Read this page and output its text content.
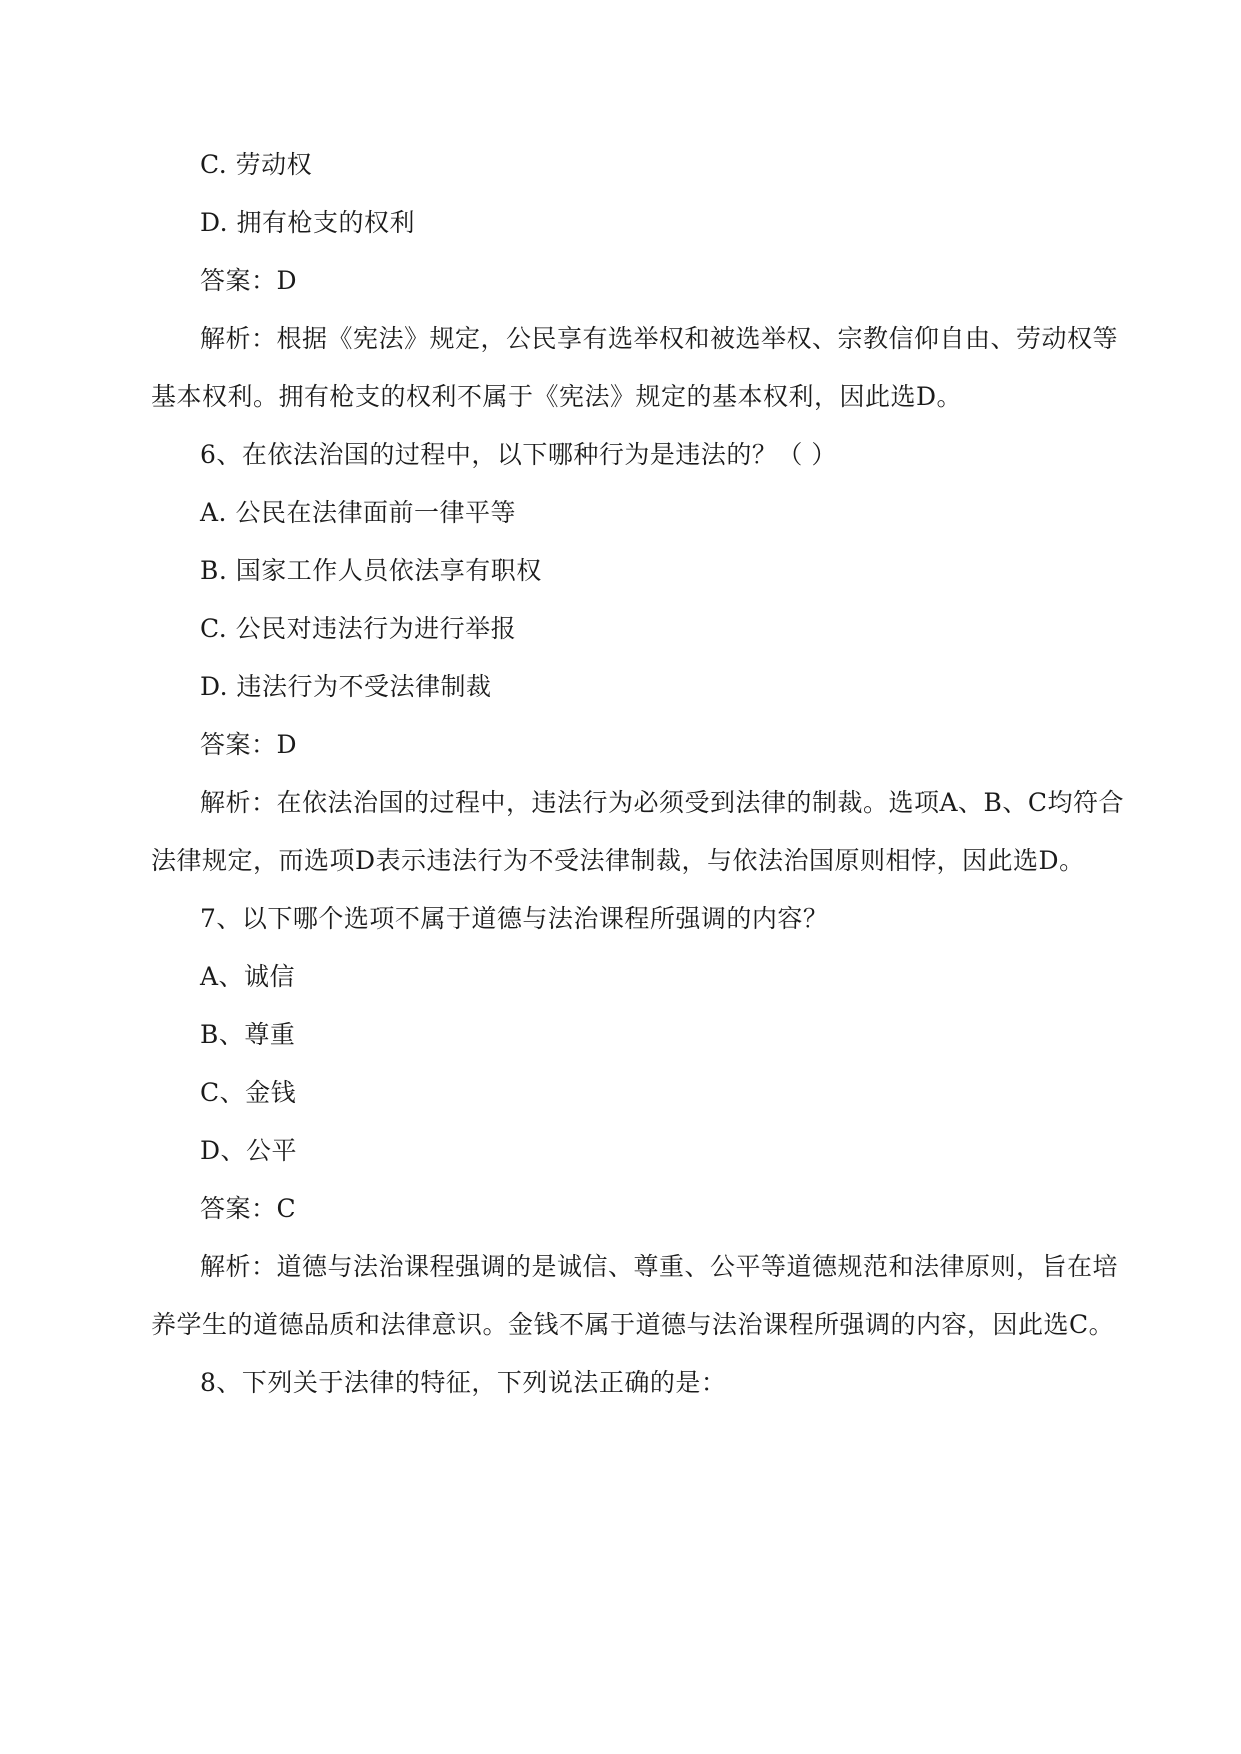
C. 劳动权
D. 拥有枪支的权利
答案：D
解析：根据《宪法》规定，公民享有选举权和被选举权、宗教信仰自由、劳动权等
基本权利。拥有枪支的权利不属于《宪法》规定的基本权利，因此选D。
6、在依法治国的过程中，以下哪种行为是违法的？（ ）
A. 公民在法律面前一律平等
B. 国家工作人员依法享有职权
C. 公民对违法行为进行举报
D. 违法行为不受法律制裁
答案：D
解析：在依法治国的过程中，违法行为必须受到法律的制裁。选项A、B、C均符合
法律规定，而选项D表示违法行为不受法律制裁，与依法治国原则相悖，因此选D。
7、以下哪个选项不属于道德与法治课程所强调的内容？
A、诚信
B、尊重
C、金钱
D、公平
答案：C
解析：道德与法治课程强调的是诚信、尊重、公平等道德规范和法律原则，旨在培
养学生的道德品质和法律意识。金钱不属于道德与法治课程所强调的内容，因此选C。
8、下列关于法律的特征，下列说法正确的是：
